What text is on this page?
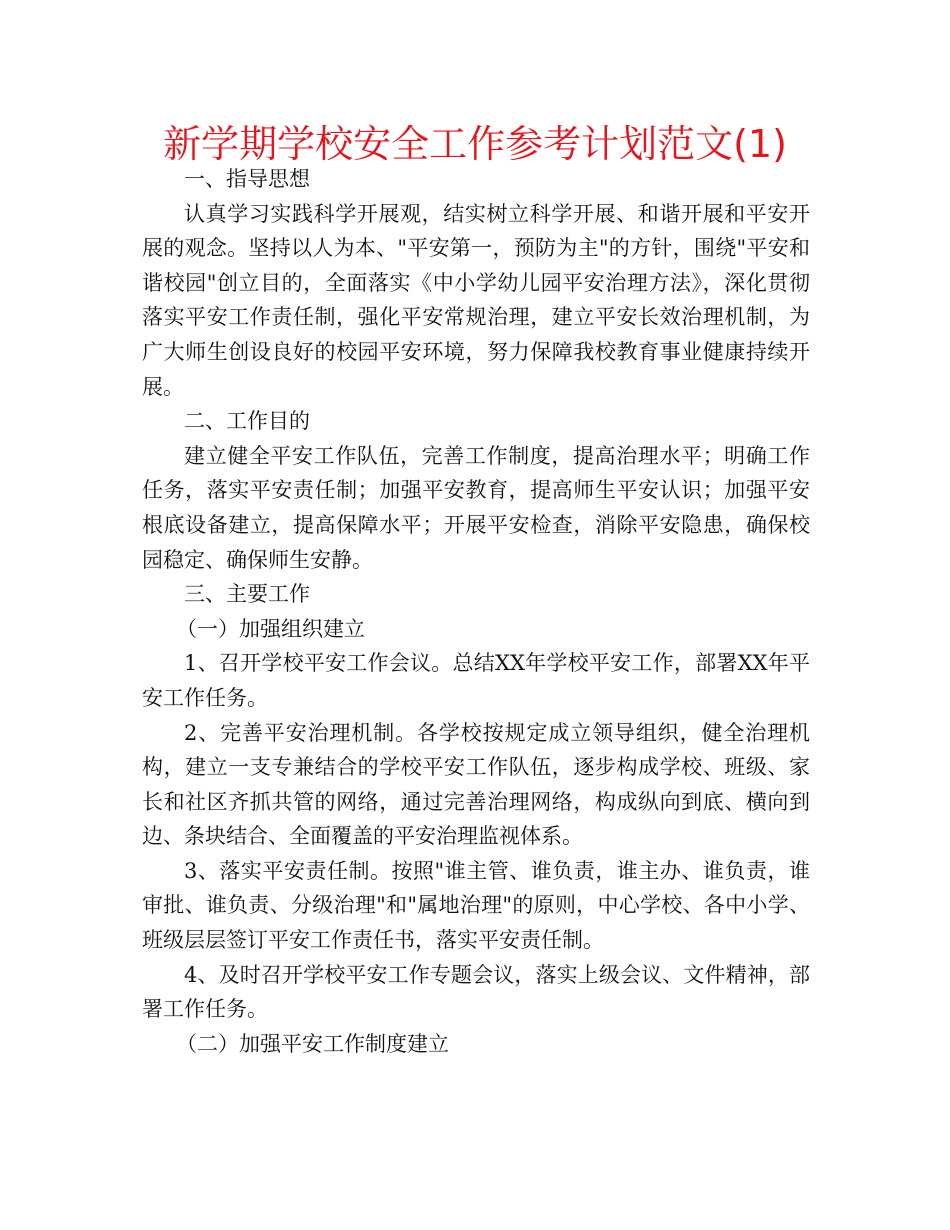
新学期学校安全工作参考计划范文(1)

一、指导思想

认真学习实践科学开展观，结实树立科学开展、和谐开展和平安开展的观念。坚持以人为本、"平安第一，预防为主"的方针，围绕"平安和谐校园"创立目的，全面落实《中小学幼儿园平安治理方法》，深化贯彻落实平安工作责任制，强化平安常规治理，建立平安长效治理机制，为广大师生创设良好的校园平安环境，努力保障我校教育事业健康持续开展。

二、工作目的

建立健全平安工作队伍，完善工作制度，提高治理水平；明确工作任务，落实平安责任制；加强平安教育，提高师生平安认识；加强平安根底设备建立，提高保障水平；开展平安检查，消除平安隐患，确保校园稳定、确保师生安静。

三、主要工作

（一）加强组织建立

1、召开学校平安工作会议。总结XX年学校平安工作，部署XX年平安工作任务。

2、完善平安治理机制。各学校按规定成立领导组织，健全治理机构，建立一支专兼结合的学校平安工作队伍，逐步构成学校、班级、家长和社区齐抓共管的网络，通过完善治理网络，构成纵向到底、横向到边、条块结合、全面覆盖的平安治理监视体系。

3、落实平安责任制。按照"谁主管、谁负责，谁主办、谁负责，谁审批、谁负责、分级治理"和"属地治理"的原则，中心学校、各中小学、班级层层签订平安工作责任书，落实平安责任制。

4、及时召开学校平安工作专题会议，落实上级会议、文件精神，部署工作任务。

（二）加强平安工作制度建立
